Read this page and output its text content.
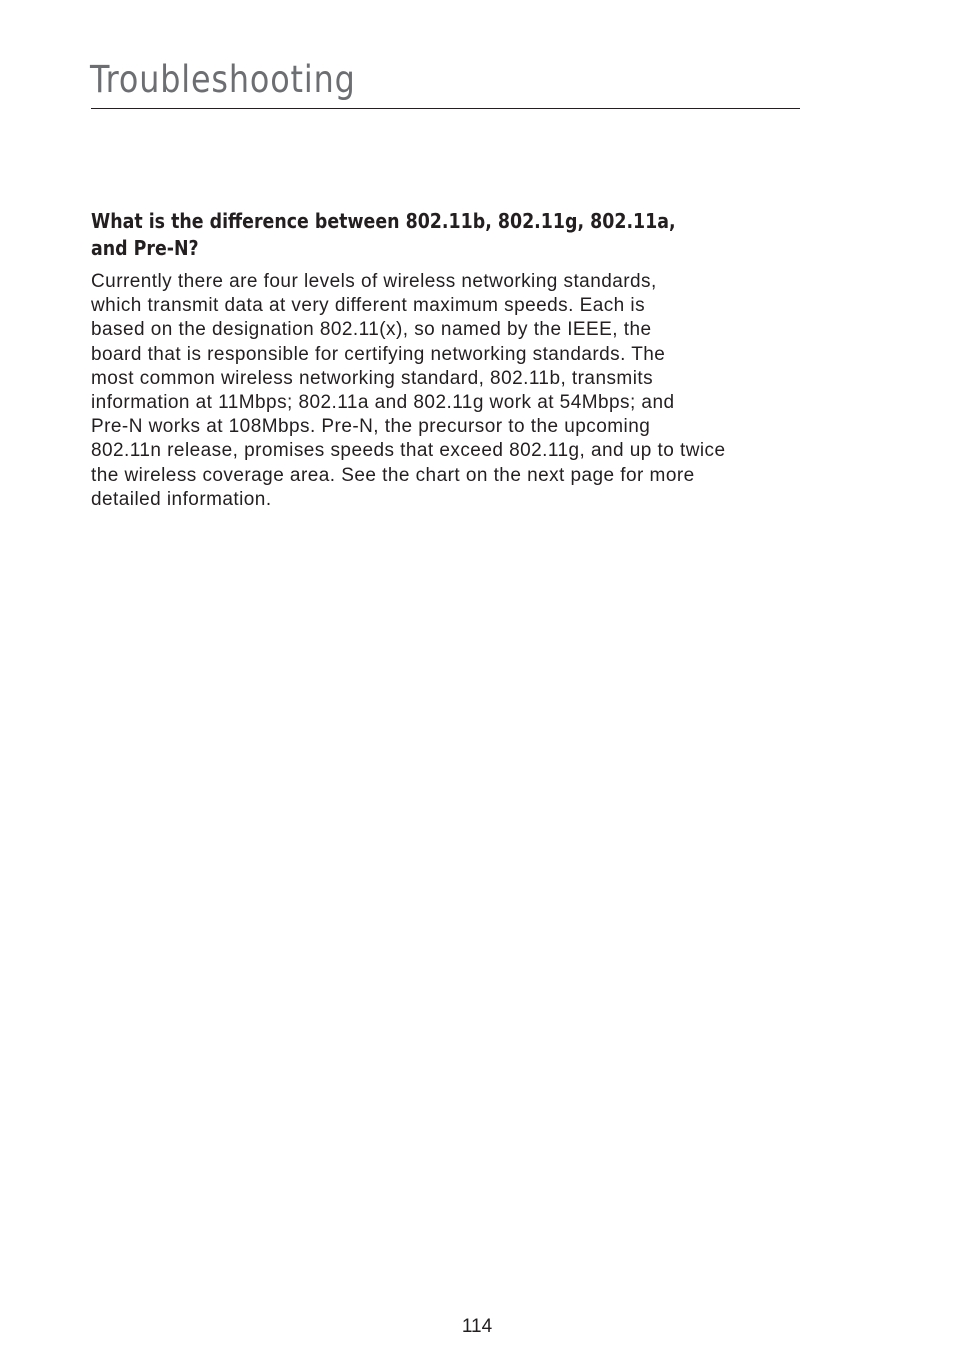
Troubleshooting
What is the difference between 802.11b, 802.11g, 802.11a,
and Pre-N?

Currently there are four levels of wireless networking standards,
which transmit data at very different maximum speeds. Each is
based on the designation 802.11(x), so named by the IEEE, the
board that is responsible for certifying networking standards. The
most common wireless networking standard, 802.11b, transmits
information at 11Mbps; 802.11a and 802.11g work at 54Mbps; and
Pre-N works at 108Mbps. Pre-N, the precursor to the upcoming
802.11n release, promises speeds that exceed 802.11g, and up to twice
the wireless coverage area. See the chart on the next page for more
detailed information.

114
